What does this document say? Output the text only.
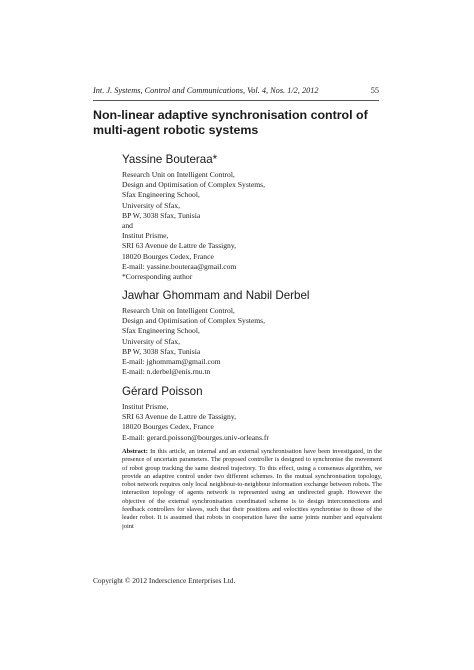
Int. J. Systems, Control and Communications, Vol. 4, Nos. 1/2, 2012	55
Non-linear adaptive synchronisation control of multi-agent robotic systems
Yassine Bouteraa*
Research Unit on Intelligent Control,
Design and Optimisation of Complex Systems,
Sfax Engineering School,
University of Sfax,
BP W, 3038 Sfax, Tunisia
and
Institut Prisme,
SRI 63 Avenue de Lattre de Tassigny,
18020 Bourges Cedex, France
E-mail: yassine.bouteraa@gmail.com
*Corresponding author
Jawhar Ghommam and Nabil Derbel
Research Unit on Intelligent Control,
Design and Optimisation of Complex Systems,
Sfax Engineering School,
University of Sfax,
BP W, 3038 Sfax, Tunisia
E-mail: jghommam@gmail.com
E-mail: n.derbel@enis.rnu.tn
Gérard Poisson
Institut Prisme,
SRI 63 Avenue de Lattre de Tassigny,
18020 Bourges Cedex, France
E-mail: gerard.poisson@bourges.univ-orleans.fr
Abstract: In this article, an internal and an external synchronisation have been investigated, in the presence of uncertain parameters. The proposed controller is designed to synchronise the movement of robot group tracking the same desired trajectory. To this effect, using a consensus algorithm, we provide an adaptive control under two different schemes. In the mutual synchronisation topology, robot network requires only local neighbour-to-neighbour information exchange between robots. The interaction topology of agents network is represented using an undirected graph. However the objective of the external synchronisation coordinated scheme is to design interconnections and feedback controllers for slaves, such that their positions and velocities synchronise to those of the leader robot. It is assumed that robots in cooperation have the same joints number and equivalent joint
Copyright © 2012 Inderscience Enterprises Ltd.
